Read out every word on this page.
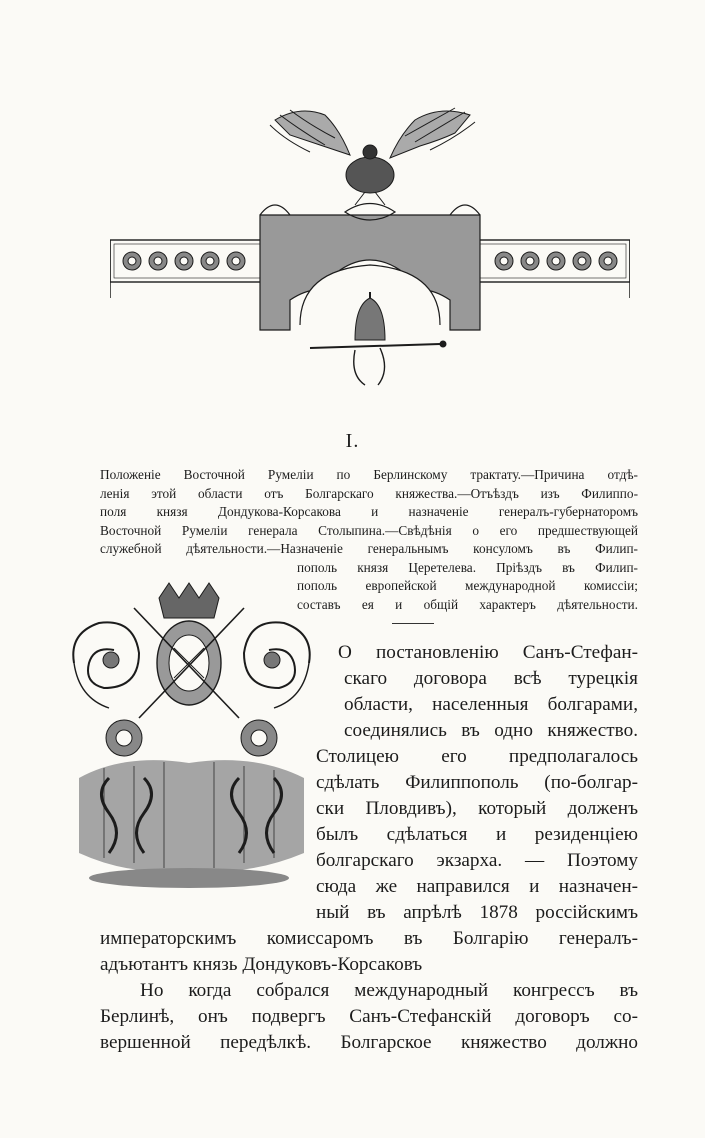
I.
Положенiе Восточной Румелiи по Берлинскому трактату.—Причина отдѣ-
ленiя этой области отъ Болгарскаго княжества.—Отъѣздъ изъ Филиппо-
поля князя Дондукова-Корсакова и назначенiе генералъ-губернаторомъ
Восточной Румелiи генерала Столыпина.—Свѣдѣнiя о его предшествующей
служебной дѣятельности.—Назначенiе генеральнымъ консуломъ въ Филип-
пополь князя Церетелева. Прiѣздъ въ Филип-
пополь европейской международной комиссiи;
составъ ея и общiй характеръ дѣятельности.
О постановленiю Санъ-Стефан-
скаго договора всѣ турецкiя
области, населенныя болгарами,
соединялись въ одно княжество.
Столицею его предполагалось
сдѣлать Филиппополь (по-болгар-
ски Пловдивъ), который долженъ
былъ сдѣлаться и резиденцiею
болгарскаго экзарха. — Поэтому
сюда же направился и назначен-
ный въ апрѣлѣ 1878 россiйскимъ
императорскимъ комиссаромъ въ Болгарiю генералъ-
адъютантъ князь Дондуковъ-Корсаковъ
Но когда собрался международный конгрессъ въ
Берлинѣ, онъ подвергъ Санъ-Стефанскiй договоръ со-
вершенной передѣлкѣ. Болгарское княжество должно
